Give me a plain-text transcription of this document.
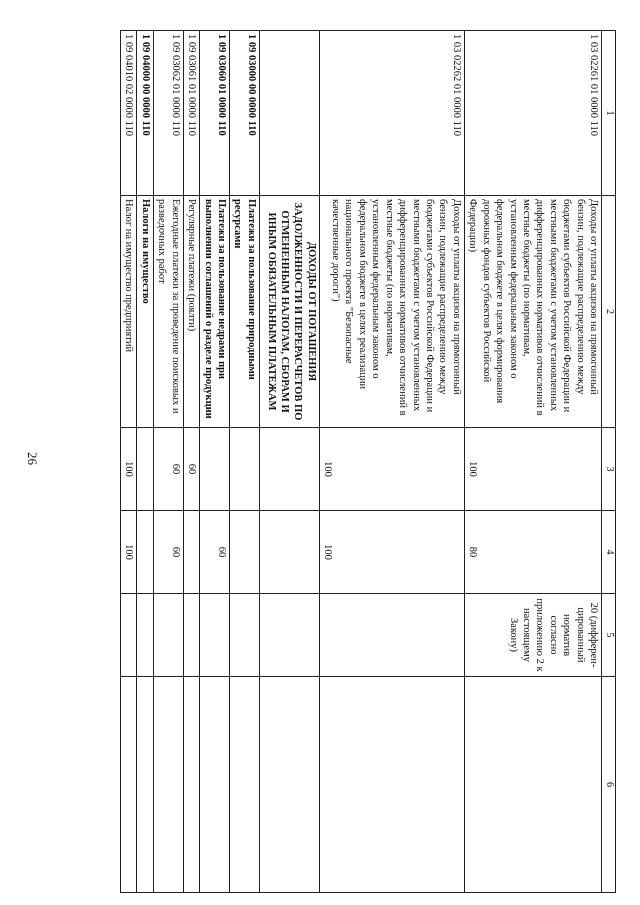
26
1	2	3	4	5	6
1 03 02261 01 0000 110	Доходы от уплаты акцизов на прямогонный бензин, подлежащие распределению между бюджетами субъектов Российской Федерации и местными бюджетами с учетом установленных дифференцированных нормативов отчислений в местные бюджеты (по нормативам, установленным федеральным законом о федеральном бюджете в целях формирования дорожных фондов субъектов Российской Федерации)	100	80	20 (дифферен-цированный норматив согласно приложению 2 к настоящему Закону)	
1 03 02262 01 0000 110	Доходы от уплаты акцизов на прямогонный бензин, подлежащие распределению между бюджетами субъектов Российской Федерации и местными бюджетами с учетом установленных дифференцированных нормативов отчислений в местные бюджеты (по нормативам, установленным федеральным законом о федеральном бюджете в целях реализации национального проекта "Безопасные качественные дороги")	100	100		
	ДОХОДЫ ОТ ПОГАШЕНИЯ ЗАДОЛЖЕННОСТИ И ПЕРЕРАСЧЕТОВ ПО ОТМЕНЕННЫМ НАЛОГАМ, СБОРАМ И ИНЫМ ОБЯЗАТЕЛЬНЫМ ПЛАТЕЖАМ				
1 09 03000 00 0000 110	Платежи за пользование природными ресурсами				
1 09 03060 01 0000 110	Платежи за пользование недрами при выполнении соглашений о разделе продукции		60		
1 09 03061 01 0000 110	Регулярные платежи (роялти)	60			
1 09 03062 01 0000 110	Ежегодные платежи за проведение поисковых и разведочных работ	60	60		
1 09 04000 00 0000 110	Налоги на имущество				
1 09 04010 02 0000 110	Налог на имущество предприятий	100	100		
